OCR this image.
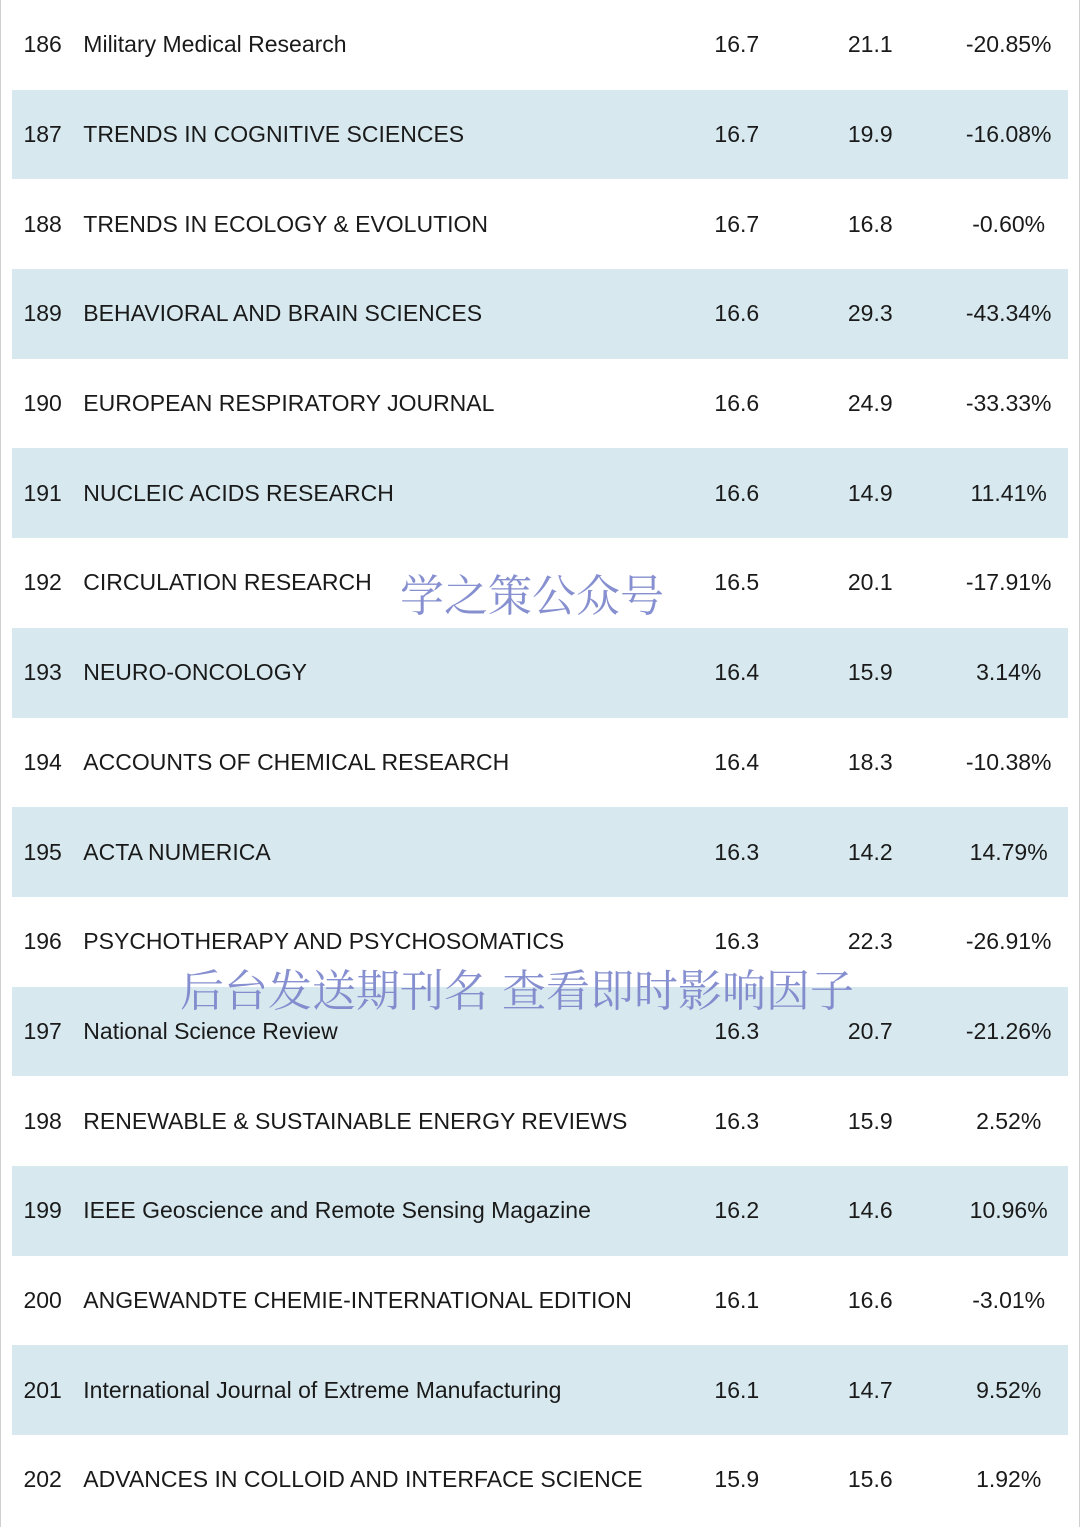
186 Military Medical Research	16.7	21.1	-20.85%
187 TRENDS IN COGNITIVE SCIENCES	16.7	19.9	-16.08%
188 TRENDS IN ECOLOGY & EVOLUTION	16.7	16.8	-0.60%
189 BEHAVIORAL AND BRAIN SCIENCES	16.6	29.3	-43.34%
190 EUROPEAN RESPIRATORY JOURNAL	16.6	24.9	-33.33%
191 NUCLEIC ACIDS RESEARCH	16.6	14.9	11.41%
192 CIRCULATION RESEARCH	16.5	20.1	-17.91%
193 NEURO-ONCOLOGY	16.4	15.9	3.14%
194 ACCOUNTS OF CHEMICAL RESEARCH	16.4	18.3	-10.38%
195 ACTA NUMERICA	16.3	14.2	14.79%
196 PSYCHOTHERAPY AND PSYCHOSOMATICS	16.3	22.3	-26.91%
197 National Science Review	16.3	20.7	-21.26%
198 RENEWABLE & SUSTAINABLE ENERGY REVIEWS	16.3	15.9	2.52%
199 IEEE Geoscience and Remote Sensing Magazine	16.2	14.6	10.96%
200 ANGEWANDTE CHEMIE-INTERNATIONAL EDITION	16.1	16.6	-3.01%
201 International Journal of Extreme Manufacturing	16.1	14.7	9.52%
202 ADVANCES IN COLLOID AND INTERFACE SCIENCE	15.9	15.6	1.92%
学之策公众号
后台发送期刊名 查看即时影响因子
